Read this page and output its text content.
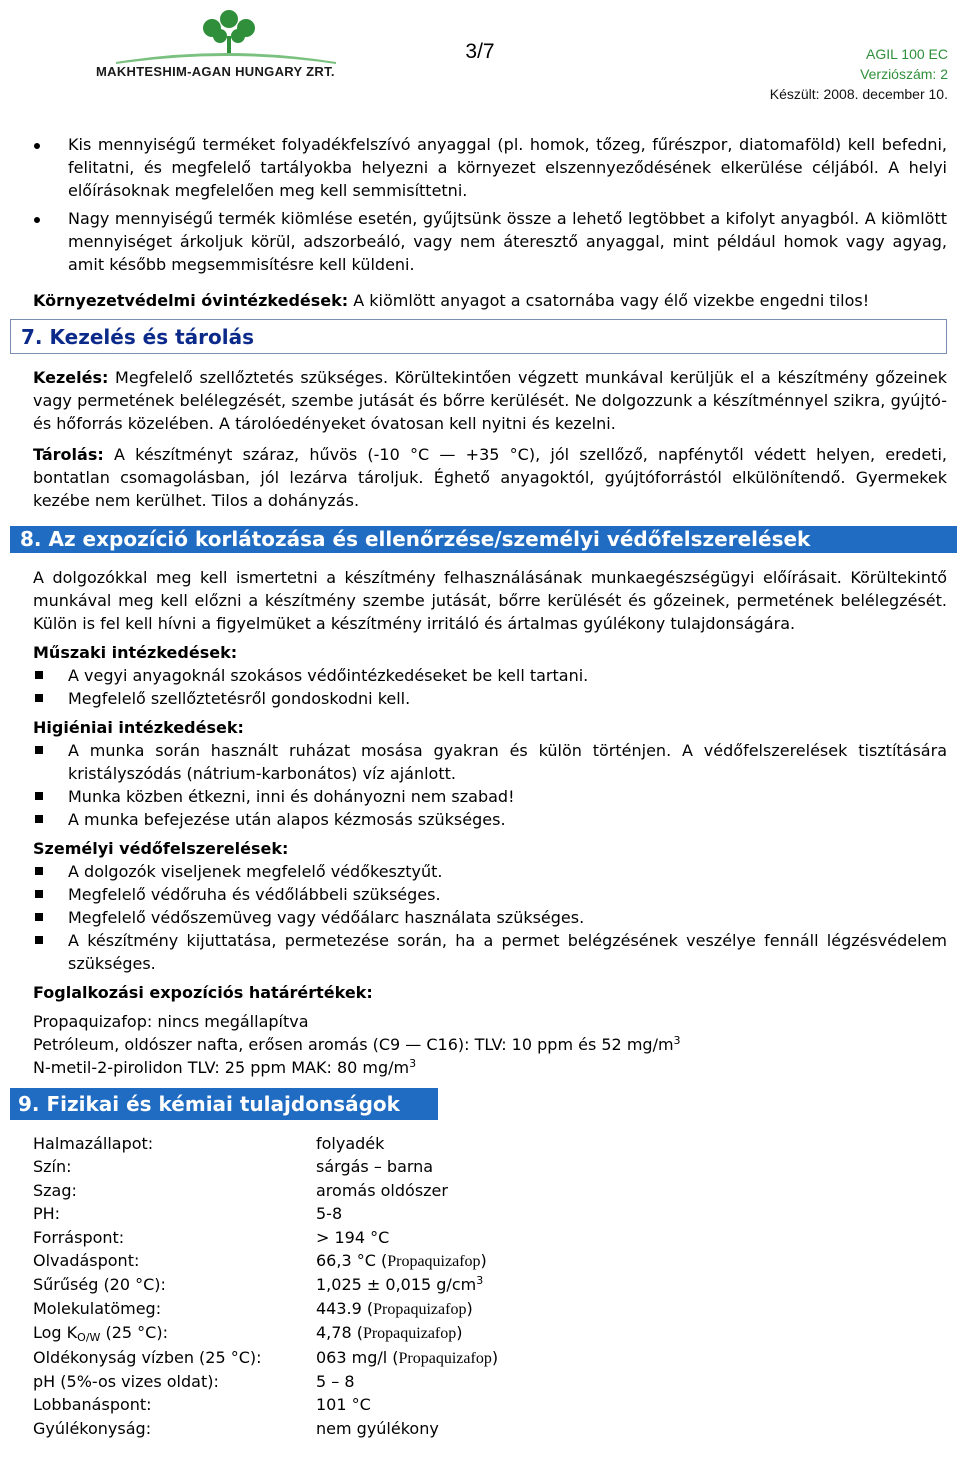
MAKHTESHIM-AGAN HUNGARY ZRT.
3/7	AGIL 100 EC
Verziószám: 2
Készült: 2008. december 10.
Kis mennyiségű terméket folyadékfelszívó anyaggal (pl. homok, tőzeg, fűrészpor, diatomaföld) kell befedni, felitatni, és megfelelő tartályokba helyezni a környezet elszennyeződésének elkerülése céljából. A helyi előírásoknak megfelelően meg kell semmisíttetni.
Nagy mennyiségű termék kiömlése esetén, gyűjtsünk össze a lehető legtöbbet a kifolyt anyagból. A kiömlött mennyiséget árkoljuk körül, adszorbeáló, vagy nem áteresztő anyaggal, mint például homok vagy agyag, amit később megsemmisítésre kell küldeni.
Környezetvédelmi óvintézkedések: A kiömlött anyagot a csatornába vagy élő vizekbe engedni tilos!
7. Kezelés és tárolás
Kezelés: Megfelelő szellőztetés szükséges. Körültekintően végzett munkával kerüljük el a készítmény gőzeinek vagy permetének belélegzését, szembe jutását és bőrre kerülését. Ne dolgozzunk a készítménnyel szikra, gyújtó- és hőforrás közelében. A tárolóedényeket óvatosan kell nyitni és kezelni.
Tárolás: A készítményt száraz, hűvös (-10 °C — +35 °C), jól szellőző, napfénytől védett helyen, eredeti, bontatlan csomagolásban, jól lezárva tároljuk. Éghető anyagoktól, gyújtóforrástól elkülönítendő. Gyermekek kezébe nem kerülhet. Tilos a dohányzás.
8. Az expozíció korlátozása és ellenőrzése/személyi védőfelszerelések
A dolgozókkal meg kell ismertetni a készítmény felhasználásának munkaegészségügyi előírásait. Körültekintő munkával meg kell előzni a készítmény szembe jutását, bőrre kerülését és gőzeinek, permetének belélegzését. Külön is fel kell hívni a figyelmüket a készítmény irritáló és ártalmas gyúlékony tulajdonságára.
Műszaki intézkedések:
A vegyi anyagoknál szokásos védőintézkedéseket be kell tartani.
Megfelelő szellőztetésről gondoskodni kell.
Higiéniai intézkedések:
A munka során használt ruházat mosása gyakran és külön történjen. A védőfelszerelések tisztítására kristályszódás (nátrium-karbonátos) víz ajánlott.
Munka közben étkezni, inni és dohányozni nem szabad!
A munka befejezése után alapos kézmosás szükséges.
Személyi védőfelszerelések:
A dolgozók viseljenek megfelelő védőkesztyűt.
Megfelelő védőruha és védőlábbeli szükséges.
Megfelelő védőszemüveg vagy védőálarc használata szükséges.
A készítmény kijuttatása, permetezése során, ha a permet belégzésének veszélye fennáll légzésvédelem szükséges.
Foglalkozási expozíciós határértékek:
Propaquizafop: nincs megállapítva
Petróleum, oldószer nafta, erősen aromás (C9 — C16): TLV: 10 ppm és 52 $mg/m^3$
N-metil-2-pirolidon TLV: 25 ppm MAK: 80 $mg/m^3$
9. Fizikai és kémiai tulajdonságok
Halmazállapot:	folyadék
Szín:	sárgás – barna
Szag:	aromás oldószer
PH:	5-8
Forráspont:	> 194 °C
Olvadáspont:	66,3 °C (Propaquizafop)
Sűrűség (20 °C):	1,025 ± 0,015 $g/cm^3$
Molekulatömeg:	443.9 (Propaquizafop)
Log $K_{O/W}$ (25 °C):	4,78 (Propaquizafop)
Oldékonyság vízben (25 °C):	063 mg/l (Propaquizafop)
pH (5%-os vizes oldat):	5 – 8
Lobbanáspont:	101 °C
Gyúlékonyság:	nem gyúlékony
